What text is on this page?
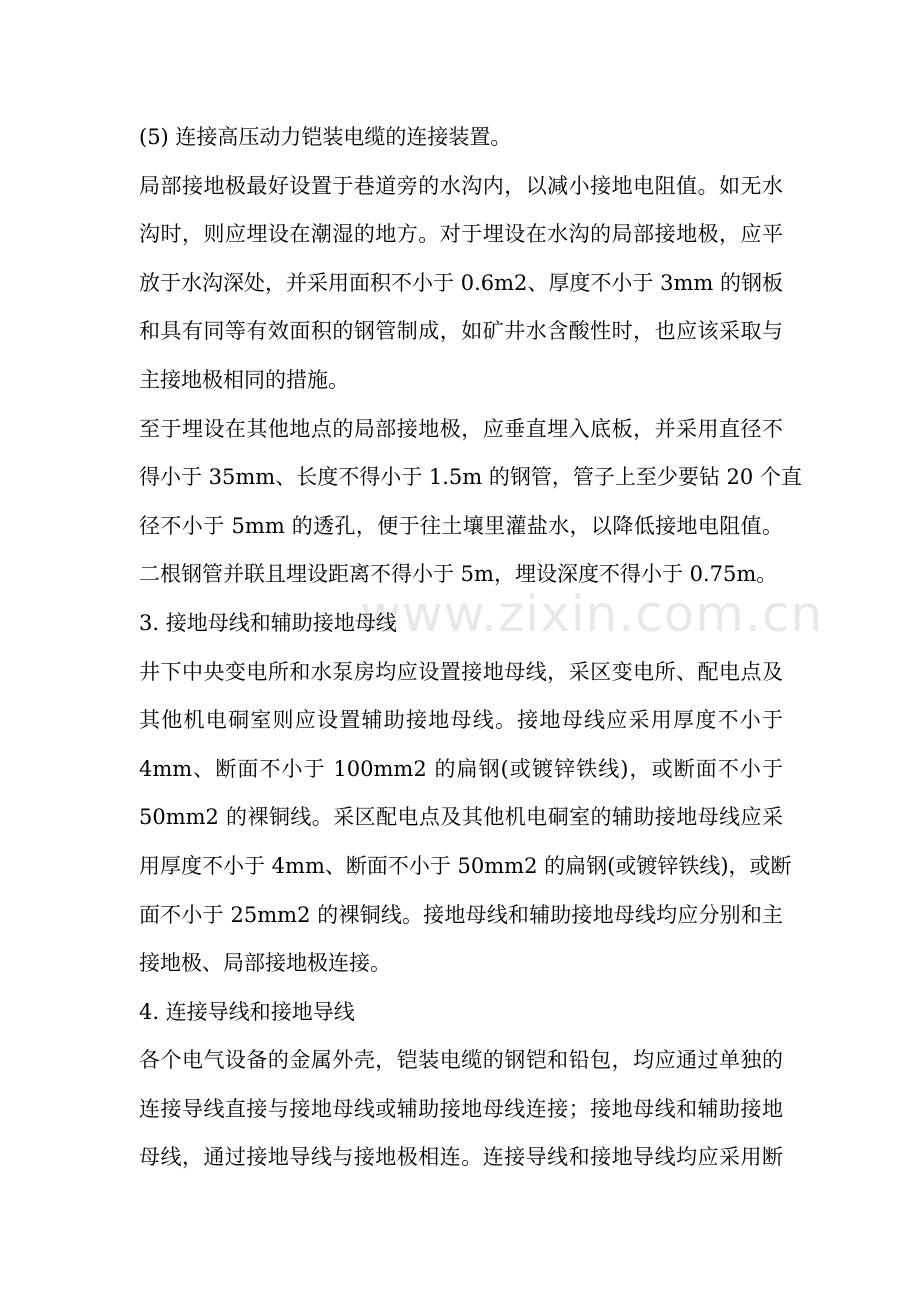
(5) 连接高压动力铠装电缆的连接装置。
局部接地极最好设置于巷道旁的水沟内，以减小接地电阻值。如无水
沟时，则应埋设在潮湿的地方。对于埋设在水沟的局部接地极，应平
放于水沟深处，并采用面积不小于 0.6m2、厚度不小于 3mm 的钢板
和具有同等有效面积的钢管制成，如矿井水含酸性时，也应该采取与
主接地极相同的措施。
至于埋设在其他地点的局部接地极，应垂直埋入底板，并采用直径不
得小于 35mm、长度不得小于 1.5m 的钢管，管子上至少要钻 20 个直
径不小于 5mm 的透孔，便于往土壤里灌盐水，以降低接地电阻值。
二根钢管并联且埋设距离不得小于 5m，埋设深度不得小于 0.75m。
3. 接地母线和辅助接地母线
井下中央变电所和水泵房均应设置接地母线，采区变电所、配电点及
其他机电硐室则应设置辅助接地母线。接地母线应采用厚度不小于
4mm、断面不小于 100mm2 的扁钢(或镀锌铁线)，或断面不小于
50mm2 的裸铜线。采区配电点及其他机电硐室的辅助接地母线应采
用厚度不小于 4mm、断面不小于 50mm2 的扁钢(或镀锌铁线)，或断
面不小于 25mm2 的裸铜线。接地母线和辅助接地母线均应分别和主
接地极、局部接地极连接。
4. 连接导线和接地导线
各个电气设备的金属外壳，铠装电缆的钢铠和铅包，均应通过单独的
连接导线直接与接地母线或辅助接地母线连接；接地母线和辅助接地
母线，通过接地导线与接地极相连。连接导线和接地导线均应采用断
www.zixin.com.cn
